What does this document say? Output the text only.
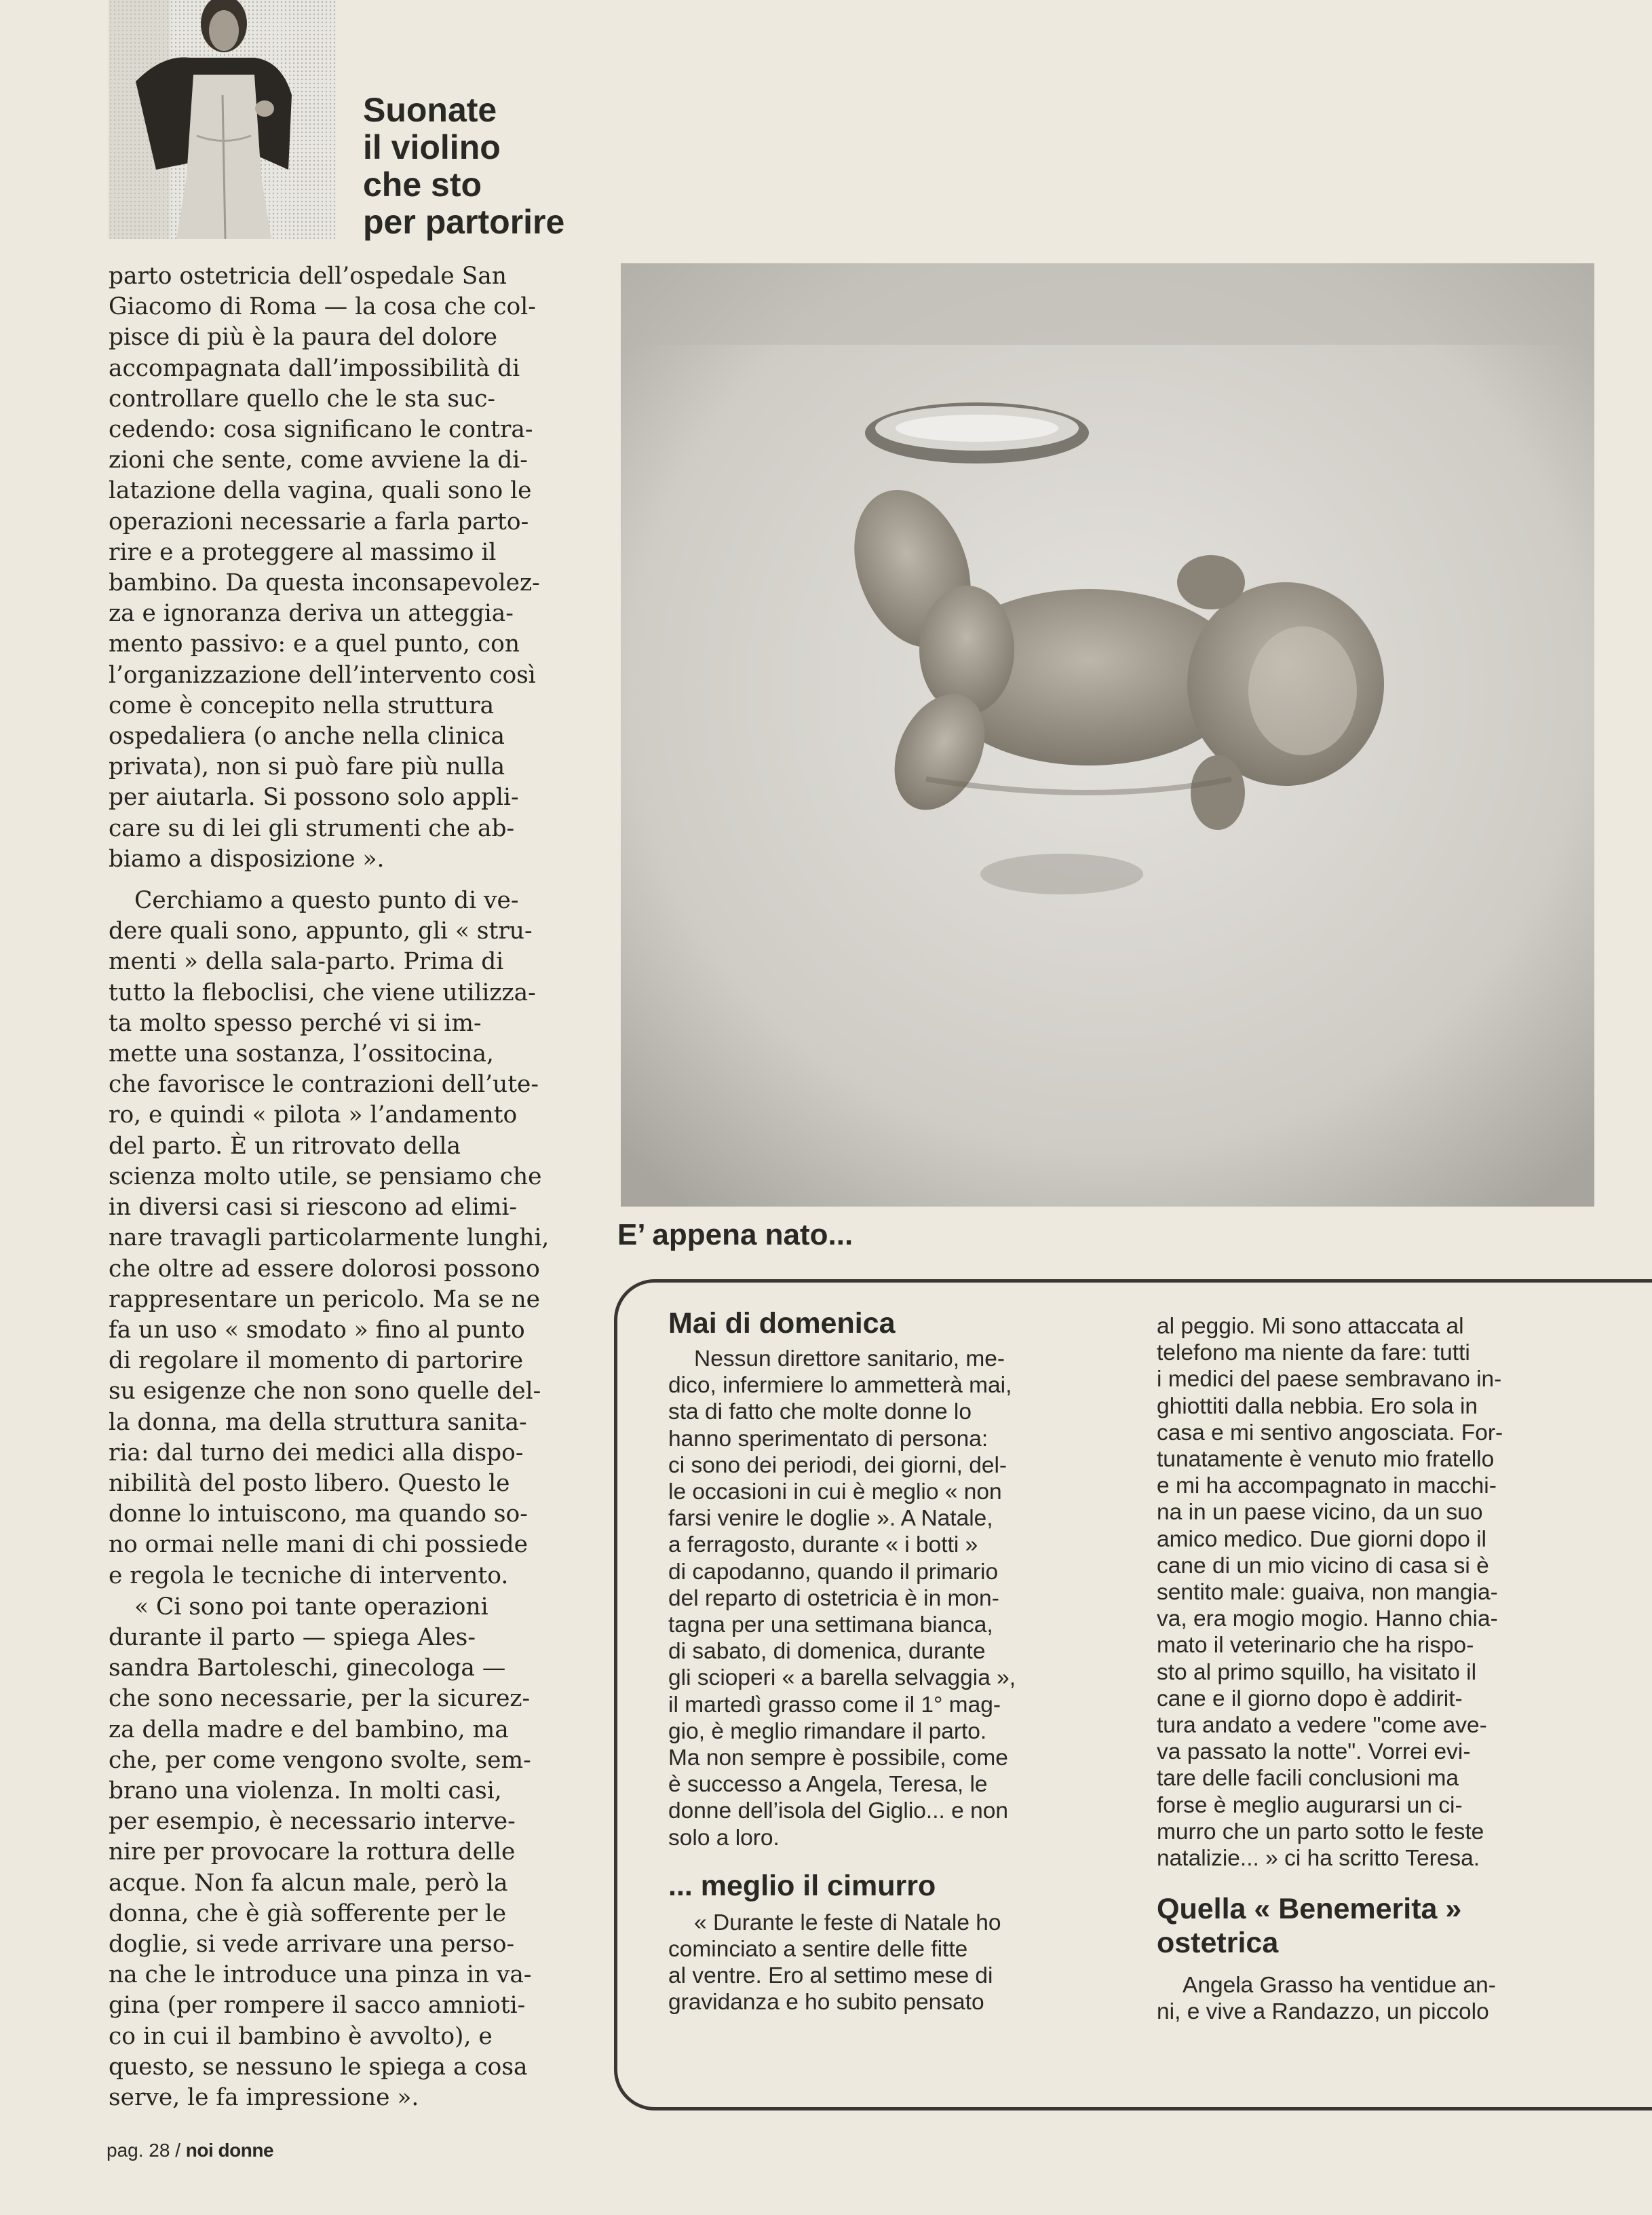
Suonate
il violino
che sto
per partorire
parto ostetricia dell’ospedale San
Giacomo di Roma — la cosa che col-
pisce di più è la paura del dolore
accompagnata dall’impossibilità di
controllare quello che le sta suc-
cedendo: cosa significano le contra-
zioni che sente, come avviene la di-
latazione della vagina, quali sono le
operazioni necessarie a farla parto-
rire e a proteggere al massimo il
bambino. Da questa inconsapevolez-
za e ignoranza deriva un atteggia-
mento passivo: e a quel punto, con
l’organizzazione dell’intervento così
come è concepito nella struttura
ospedaliera (o anche nella clinica
privata), non si può fare più nulla
per aiutarla. Si possono solo appli-
care su di lei gli strumenti che ab-
biamo a disposizione ».
Cerchiamo a questo punto di ve-
dere quali sono, appunto, gli « stru-
menti » della sala-parto. Prima di
tutto la fleboclisi, che viene utilizza-
ta molto spesso perché vi si im-
mette una sostanza, l’ossitocina,
che favorisce le contrazioni dell’ute-
ro, e quindi « pilota » l’andamento
del parto. È un ritrovato della
scienza molto utile, se pensiamo che
in diversi casi si riescono ad elimi-
nare travagli particolarmente lunghi,
che oltre ad essere dolorosi possono
rappresentare un pericolo. Ma se ne
fa un uso « smodato » fino al punto
di regolare il momento di partorire
su esigenze che non sono quelle del-
la donna, ma della struttura sanita-
ria: dal turno dei medici alla dispo-
nibilità del posto libero. Questo le
donne lo intuiscono, ma quando so-
no ormai nelle mani di chi possiede
e regola le tecniche di intervento.
« Ci sono poi tante operazioni
durante il parto — spiega Ales-
sandra Bartoleschi, ginecologa —
che sono necessarie, per la sicurez-
za della madre e del bambino, ma
che, per come vengono svolte, sem-
brano una violenza. In molti casi,
per esempio, è necessario interve-
nire per provocare la rottura delle
acque. Non fa alcun male, però la
donna, che è già sofferente per le
doglie, si vede arrivare una perso-
na che le introduce una pinza in va-
gina (per rompere il sacco amnioti-
co in cui il bambino è avvolto), e
questo, se nessuno le spiega a cosa
serve, le fa impressione ».
E’ appena nato...
Mai di domenica
Nessun direttore sanitario, me-
dico, infermiere lo ammetterà mai,
sta di fatto che molte donne lo
hanno sperimentato di persona:
ci sono dei periodi, dei giorni, del-
le occasioni in cui è meglio « non
farsi venire le doglie ». A Natale,
a ferragosto, durante « i botti »
di capodanno, quando il primario
del reparto di ostetricia è in mon-
tagna per una settimana bianca,
di sabato, di domenica, durante
gli scioperi « a barella selvaggia »,
il martedì grasso come il 1° mag-
gio, è meglio rimandare il parto.
Ma non sempre è possibile, come
è successo a Angela, Teresa, le
donne dell’isola del Giglio... e non
solo a loro.
... meglio il cimurro
« Durante le feste di Natale ho
cominciato a sentire delle fitte
al ventre. Ero al settimo mese di
gravidanza e ho subito pensato
al peggio. Mi sono attaccata al
telefono ma niente da fare: tutti
i medici del paese sembravano in-
ghiottiti dalla nebbia. Ero sola in
casa e mi sentivo angosciata. For-
tunatamente è venuto mio fratello
e mi ha accompagnato in macchi-
na in un paese vicino, da un suo
amico medico. Due giorni dopo il
cane di un mio vicino di casa si è
sentito male: guaiva, non mangia-
va, era mogio mogio. Hanno chia-
mato il veterinario che ha rispo-
sto al primo squillo, ha visitato il
cane e il giorno dopo è addirit-
tura andato a vedere "come ave-
va passato la notte". Vorrei evi-
tare delle facili conclusioni ma
forse è meglio augurarsi un ci-
murro che un parto sotto le feste
natalizie... » ci ha scritto Teresa.
Quella « Benemerita »
ostetrica
Angela Grasso ha ventidue an-
ni, e vive a Randazzo, un piccolo
pag. 28 / noi donne
